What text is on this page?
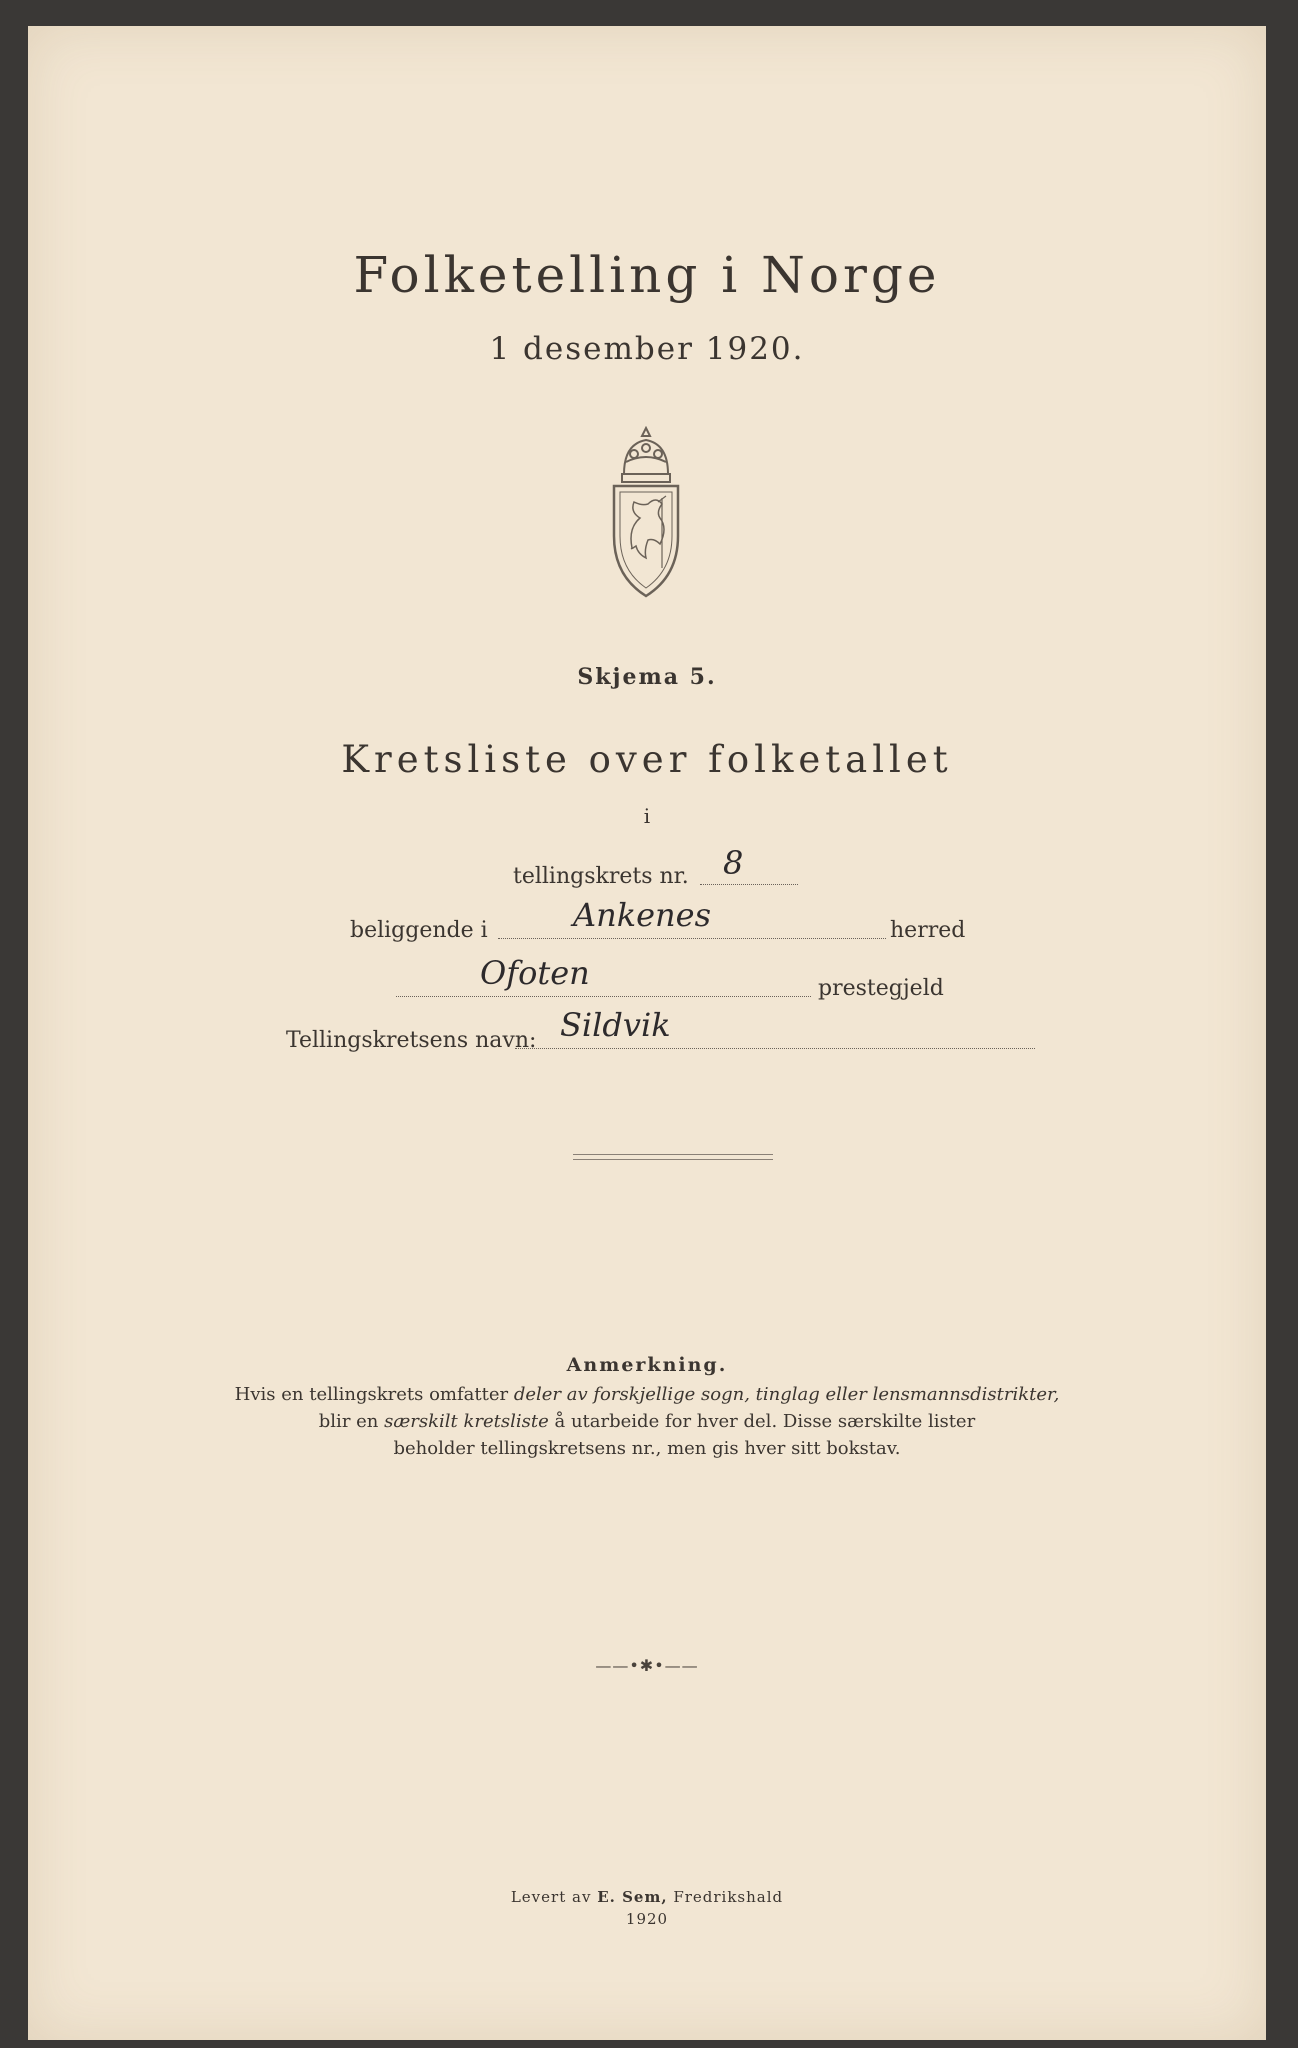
Folketelling i Norge
1 desember 1920.
Skjema 5.
Kretsliste over folketallet
i
tellingskrets nr. 8
beliggende i	Ankenes	herred
Ofoten	prestegjeld
Tellingskretsens navn: Sildvik
Anmerkning.
Hvis en tellingskrets omfatter deler av forskjellige sogn, tinglag eller lensmannsdistrikter,
blir en særskilt kretsliste å utarbeide for hver del. Disse særskilte lister
beholder tellingskretsens nr., men gis hver sitt bokstav.
——•✱•——
Levert av E. Sem, Fredrikshald
1920
